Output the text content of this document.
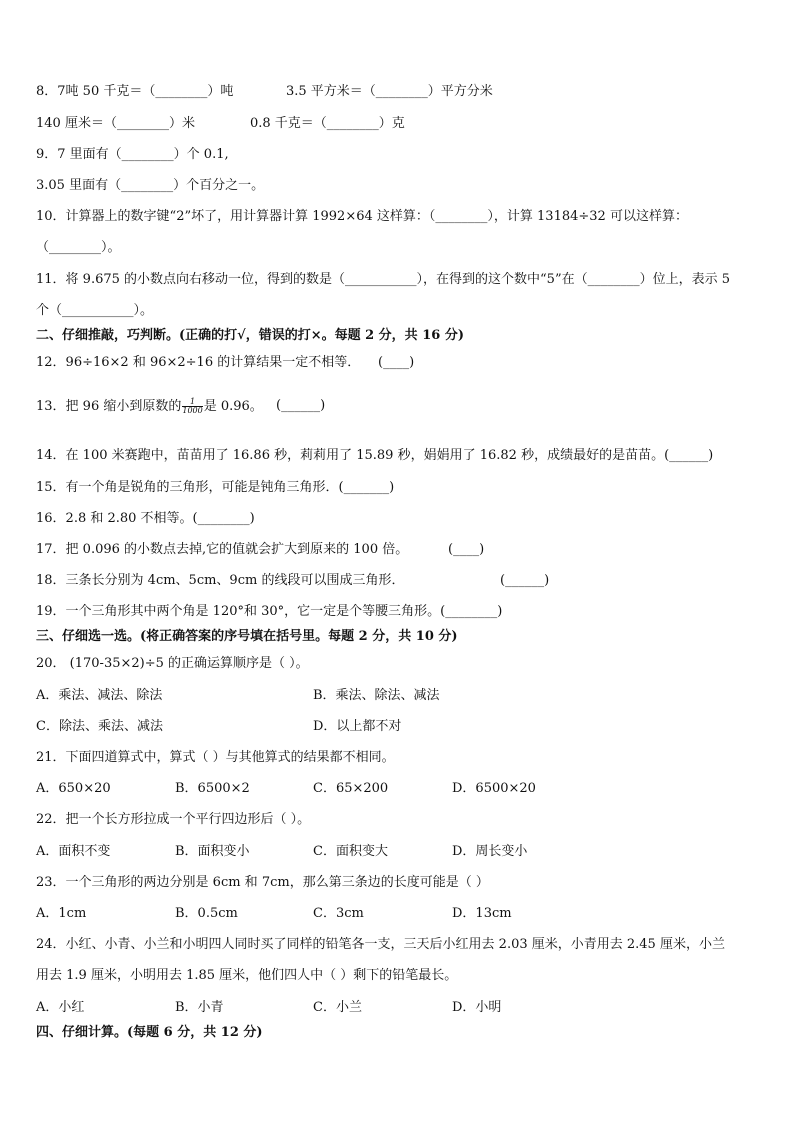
8．7吨 50 千克＝（________）吨	3.5 平方米＝（________）平方分米
140 厘米＝（________）米	0.8 千克＝（________）克
9．7 里面有（________）个 0.1,
3.05 里面有（________）个百分之一。
10．计算器上的数字键“2”坏了，用计算器计算 1992×64 这样算：（________），计算 13184÷32 可以这样算：
（________）。
11．将 9.675 的小数点向右移动一位，得到的数是（___________），在得到的这个数中“5”在（________）位上，表示 5
个（___________）。
二、仔细推敲，巧判断。(正确的打√，错误的打×。每题 2 分，共 16 分)
12．96÷16×2 和 96×2÷16 的计算结果一定不相等． (____)
13．把 96 缩小到原数的 $\frac{1}{1000}$ 是 0.96。 (______)
14．在 100 米赛跑中，苗苗用了 16.86 秒，莉莉用了 15.89 秒，娟娟用了 16.82 秒，成绩最好的是苗苗。(______)
15．有一个角是锐角的三角形，可能是钝角三角形．(_______)
16．2.8 和 2.80 不相等。(________)
17．把 0.096 的小数点去掉,它的值就会扩大到原来的 100 倍。	(____)
18．三条长分别为 4cm、5cm、9cm 的线段可以围成三角形．	(______)
19．一个三角形其中两个角是 120°和 30°，它一定是个等腰三角形。(________)
三、仔细选一选。(将正确答案的序号填在括号里。每题 2 分，共 10 分)
20． (170-35×2)÷5 的正确运算顺序是（ ）。
A．乘法、减法、除法	B．乘法、除法、减法
C．除法、乘法、减法	D．以上都不对
21．下面四道算式中，算式（ ）与其他算式的结果都不相同。
A．650×20	B．6500×2	C．65×200	D．6500×20
22．把一个长方形拉成一个平行四边形后（ ）。
A．面积不变	B．面积变小	C．面积变大	D．周长变小
23．一个三角形的两边分别是 6cm 和 7cm，那么第三条边的长度可能是（ ）
A．1cm	B．0.5cm	C．3cm	D．13cm
24．小红、小青、小兰和小明四人同时买了同样的铅笔各一支，三天后小红用去 2.03 厘米，小青用去 2.45 厘米，小兰
用去 1.9 厘米，小明用去 1.85 厘米，他们四人中（ ）剩下的铅笔最长。
A．小红	B．小青	C．小兰	D．小明
四、仔细计算。(每题 6 分，共 12 分)
